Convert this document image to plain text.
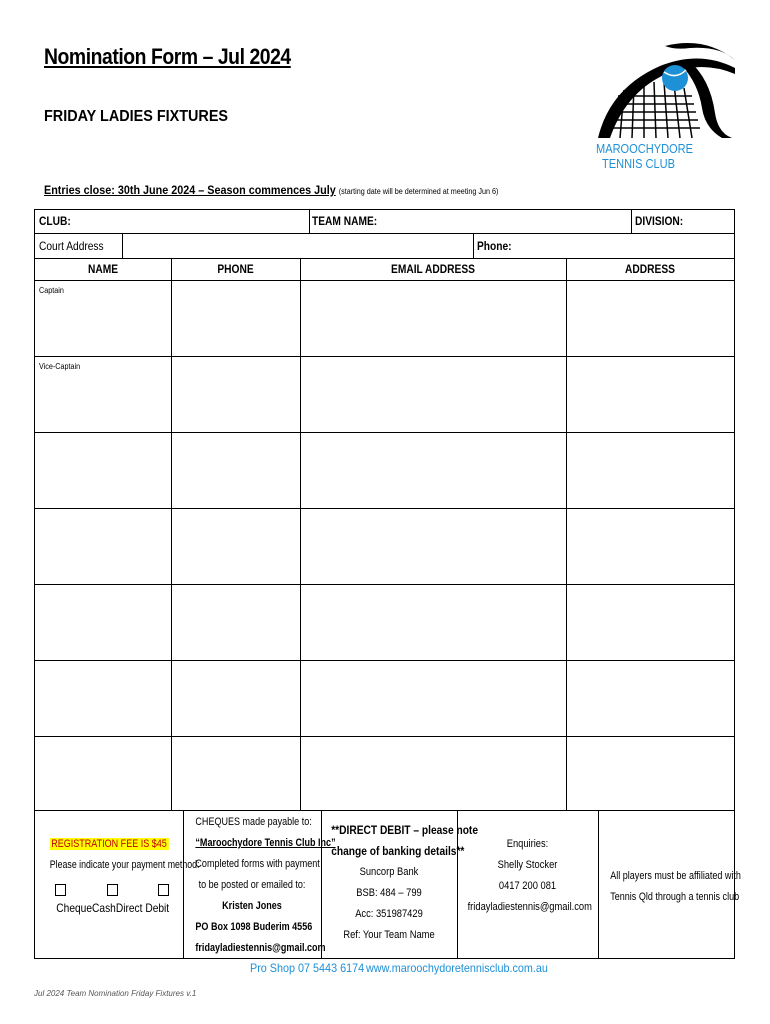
Nomination Form – Jul 2024
FRIDAY LADIES FIXTURES
Entries close: 30th June 2024 – Season commences July (starting date will be determined at meeting Jun 6)
MAROOCHYDORE
TENNIS CLUB
CLUB:	TEAM NAME:	DIVISION:
Court Address	Phone:
NAME	PHONE	EMAIL ADDRESS	ADDRESS
Captain
Vice-Captain
REGISTRATION FEE IS $45
Please indicate your payment method:
Cheque Cash Direct Debit
CHEQUES made payable to:
“Maroochydore Tennis Club Inc”
Completed forms with payment
to be posted or emailed to:
Kristen Jones
PO Box 1098 Buderim 4556
fridayladiestennis@gmail.com
**DIRECT DEBIT – please note
change of banking details**
Suncorp Bank
BSB: 484 – 799
Acc: 351987429
Ref: Your Team Name
Enquiries:
Shelly Stocker
0417 200 081
fridayladiestennis@gmail.com
All players must be affiliated with
Tennis Qld through a tennis club
Pro Shop 07 5443 6174 www.maroochydoretennisclub.com.au
Jul 2024 Team Nomination Friday Fixtures v.1
